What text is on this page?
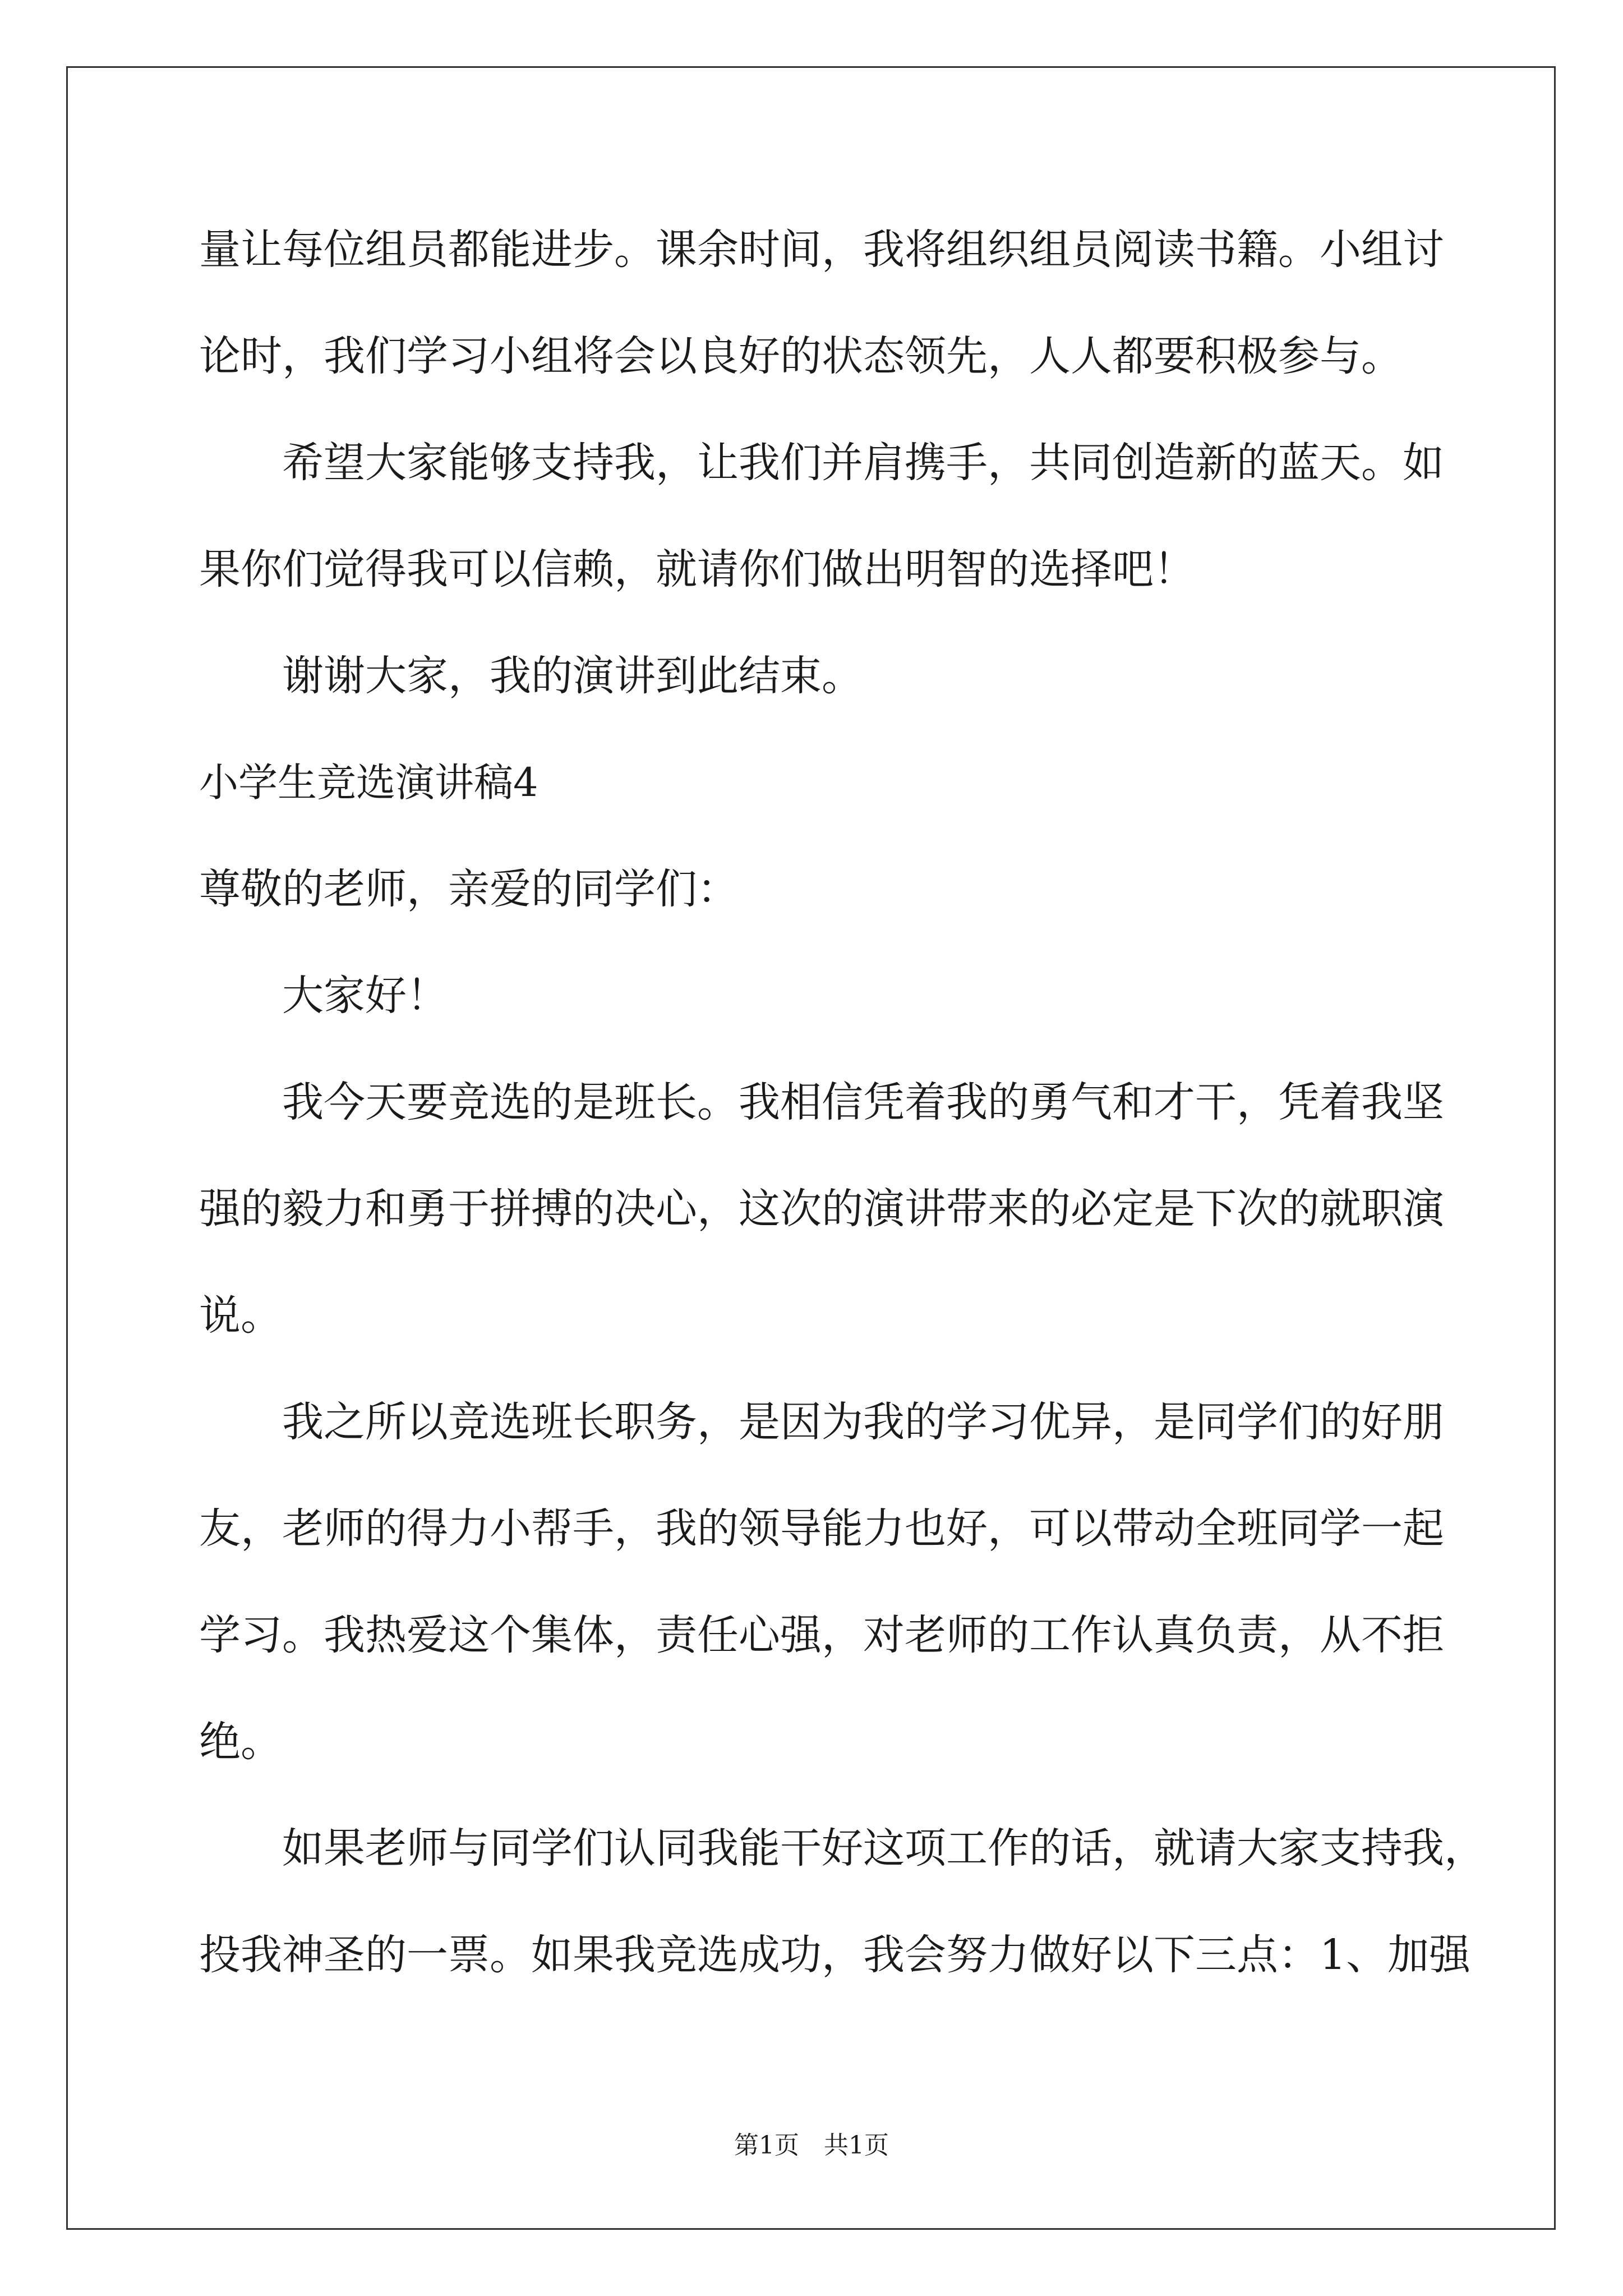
量让每位组员都能进步。课余时间，我将组织组员阅读书籍。小组讨
论时，我们学习小组将会以良好的状态领先，人人都要积极参与。
希望大家能够支持我，让我们并肩携手，共同创造新的蓝天。如
果你们觉得我可以信赖，就请你们做出明智的选择吧！
谢谢大家，我的演讲到此结束。
小学生竞选演讲稿4
尊敬的老师，亲爱的同学们：
大家好！
我今天要竞选的是班长。我相信凭着我的勇气和才干，凭着我坚
强的毅力和勇于拼搏的决心，这次的演讲带来的必定是下次的就职演
说。
我之所以竞选班长职务，是因为我的学习优异，是同学们的好朋
友，老师的得力小帮手，我的领导能力也好，可以带动全班同学一起
学习。我热爱这个集体，责任心强，对老师的工作认真负责，从不拒
绝。
如果老师与同学们认同我能干好这项工作的话，就请大家支持我，
投我神圣的一票。如果我竞选成功，我会努力做好以下三点：1、加强
第1页　共1页
